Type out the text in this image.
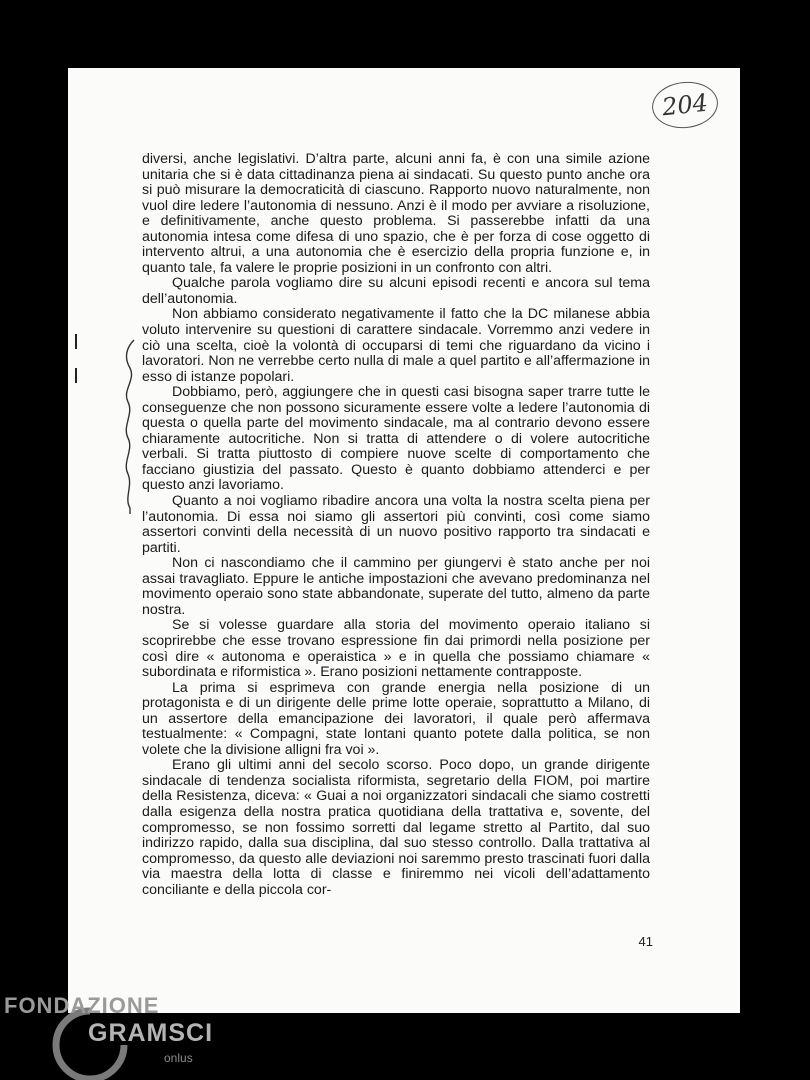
204

diversi, anche legislativi. D’altra parte, alcuni anni fa, è con una simile azione unitaria che si è data cittadinanza piena ai sindacati. Su questo punto anche ora si può misurare la democraticità di ciascuno. Rapporto nuovo naturalmente, non vuol dire ledere l’autonomia di nessuno. Anzi è il modo per avviare a risoluzione, e definitivamente, anche questo problema. Si passerebbe infatti da una autonomia intesa come difesa di uno spazio, che è per forza di cose oggetto di intervento altrui, a una autonomia che è esercizio della propria funzione e, in quanto tale, fa valere le proprie posizioni in un confronto con altri.

Qualche parola vogliamo dire su alcuni episodi recenti e ancora sul tema dell’autonomia.

Non abbiamo considerato negativamente il fatto che la DC milanese abbia voluto intervenire su questioni di carattere sindacale. Vorremmo anzi vedere in ciò una scelta, cioè la volontà di occuparsi di temi che riguardano da vicino i lavoratori. Non ne verrebbe certo nulla di male a quel partito e all’affermazione in esso di istanze popolari.

Dobbiamo, però, aggiungere che in questi casi bisogna saper trarre tutte le conseguenze che non possono sicuramente essere volte a ledere l’autonomia di questa o quella parte del movimento sindacale, ma al contrario devono essere chiaramente autocritiche. Non si tratta di attendere o di volere autocritiche verbali. Si tratta piuttosto di compiere nuove scelte di comportamento che facciano giustizia del passato. Questo è quanto dobbiamo attenderci e per questo anzi lavoriamo.

Quanto a noi vogliamo ribadire ancora una volta la nostra scelta piena per l’autonomia. Di essa noi siamo gli assertori più convinti, così come siamo assertori convinti della necessità di un nuovo positivo rapporto tra sindacati e partiti.

Non ci nascondiamo che il cammino per giungervi è stato anche per noi assai travagliato. Eppure le antiche impostazioni che avevano predominanza nel movimento operaio sono state abbandonate, superate del tutto, almeno da parte nostra.

Se si volesse guardare alla storia del movimento operaio italiano si scoprirebbe che esse trovano espressione fin dai primordi nella posizione per così dire « autonoma e operaistica » e in quella che possiamo chiamare « subordinata e riformistica ». Erano posizioni nettamente contrapposte.

La prima si esprimeva con grande energia nella posizione di un protagonista e di un dirigente delle prime lotte operaie, soprattutto a Milano, di un assertore della emancipazione dei lavoratori, il quale però affermava testualmente: « Compagni, state lontani quanto potete dalla politica, se non volete che la divisione alligni fra voi ».

Erano gli ultimi anni del secolo scorso. Poco dopo, un grande dirigente sindacale di tendenza socialista riformista, segretario della FIOM, poi martire della Resistenza, diceva: « Guai a noi organizzatori sindacali che siamo costretti dalla esigenza della nostra pratica quotidiana della trattativa e, sovente, del compromesso, se non fossimo sorretti dal legame stretto al Partito, dal suo indirizzo rapido, dalla sua disciplina, dal suo stesso controllo. Dalla trattativa al compromesso, da questo alle deviazioni noi saremmo presto trascinati fuori dalla via maestra della lotta di classe e finiremmo nei vicoli dell’adattamento conciliante e della piccola cor-

41
FONDAZIONE
GRAMSCI
onlus
